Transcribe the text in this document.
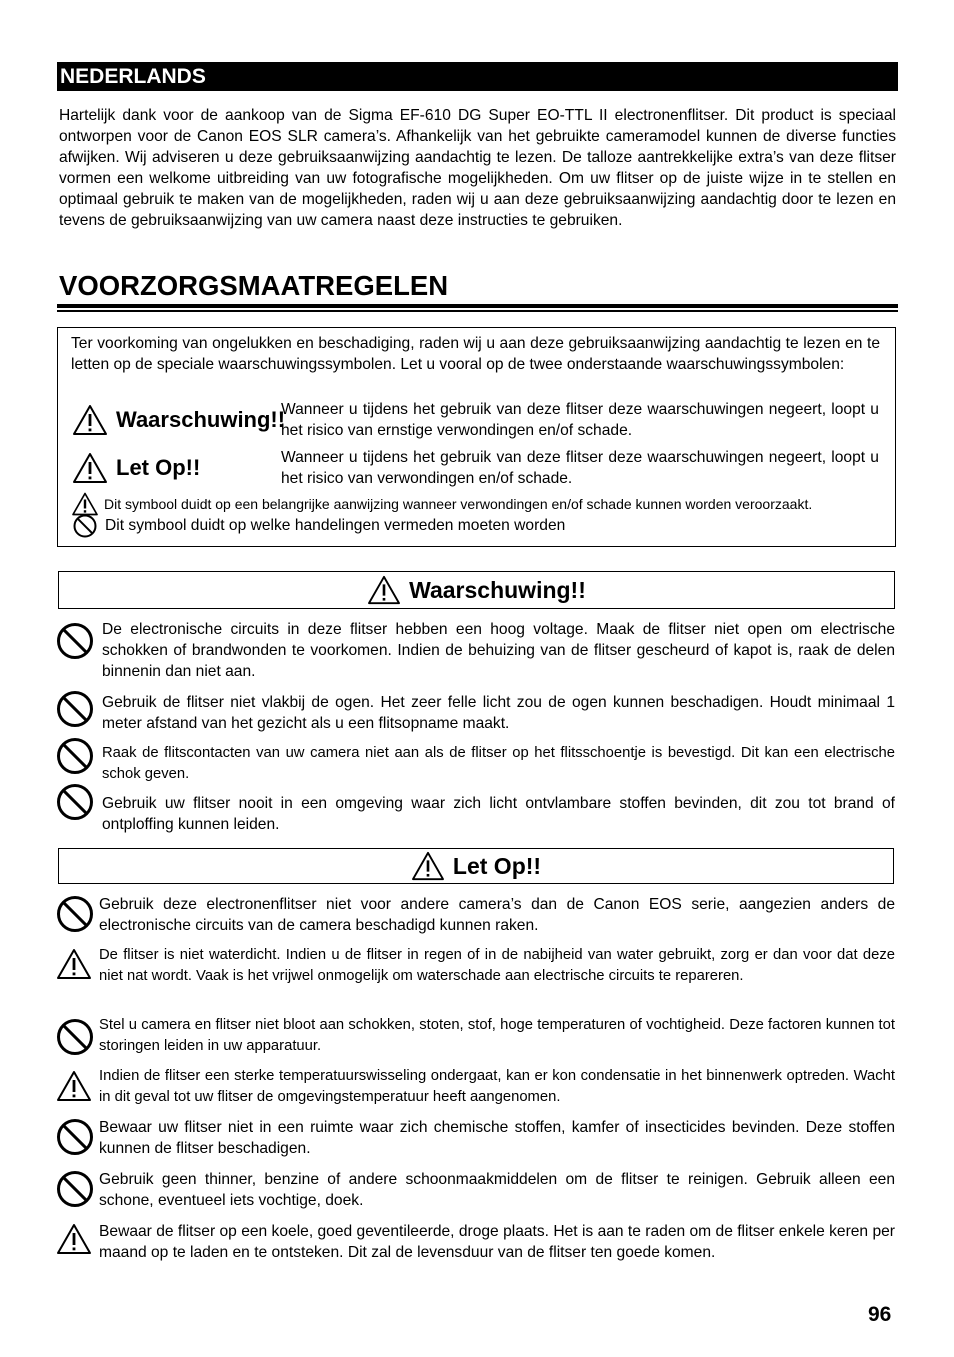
NEDERLANDS
Hartelijk dank voor de aankoop van de Sigma EF-610 DG Super EO-TTL II electronenflitser. Dit product is speciaal ontworpen voor de Canon EOS SLR camera’s. Afhankelijk van het gebruikte cameramodel kunnen de diverse functies afwijken. Wij adviseren u deze gebruiksaanwijzing aandachtig te lezen. De talloze aantrekkelijke extra’s van deze flitser vormen een welkome uitbreiding van uw fotografische mogelijkheden. Om uw flitser op de juiste wijze in te stellen en optimaal gebruik te maken van de mogelijkheden, raden wij u aan deze gebruiksaanwijzing aandachtig door te lezen en tevens de gebruiksaanwijzing van uw camera naast deze instructies te gebruiken.
VOORZORGSMAATREGELEN
Ter voorkoming van ongelukken en beschadiging, raden wij u aan deze gebruiksaanwijzing aandachtig te lezen en te letten op de speciale waarschuwingssymbolen. Let u vooral op de twee onderstaande waarschuwingssymbolen:
Waarschuwing!!
Wanneer u tijdens het gebruik van deze flitser deze waarschuwingen negeert, loopt u het risico van ernstige verwondingen en/of schade.
Let Op!!	Wanneer u tijdens het gebruik van deze flitser deze waarschuwingen negeert, loopt u het risico van verwondingen en/of schade.
Dit symbool duidt op een belangrijke aanwijzing wanneer verwondingen en/of schade kunnen worden veroorzaakt.
Dit symbool duidt op welke handelingen vermeden moeten worden
Waarschuwing!!
De electronische circuits in deze flitser hebben een hoog voltage. Maak de flitser niet open om electrische schokken of brandwonden te voorkomen. Indien de behuizing van de flitser gescheurd of kapot is, raak de delen binnenin dan niet aan.
Gebruik de flitser niet vlakbij de ogen. Het zeer felle licht zou de ogen kunnen beschadigen. Houdt minimaal 1 meter afstand van het gezicht als u een flitsopname maakt.
Raak de flitscontacten van uw camera niet aan als de flitser op het flitsschoentje is bevestigd. Dit kan een electrische schok geven.
Gebruik uw flitser nooit in een omgeving waar zich licht ontvlambare stoffen bevinden, dit zou tot brand of ontploffing kunnen leiden.
Let Op!!
Gebruik deze electronenflitser niet voor andere camera’s dan de Canon EOS serie, aangezien anders de electronische circuits van de camera beschadigd kunnen raken.
De flitser is niet waterdicht. Indien u de flitser in regen of in de nabijheid van water gebruikt, zorg er dan voor dat deze niet nat wordt. Vaak is het vrijwel onmogelijk om waterschade aan electrische circuits te repareren.
Stel u camera en flitser niet bloot aan schokken, stoten, stof, hoge temperaturen of vochtigheid. Deze factoren kunnen tot storingen leiden in uw apparatuur.
Indien de flitser een sterke temperatuurswisseling ondergaat, kan er kon condensatie in het binnenwerk optreden. Wacht in dit geval tot uw flitser de omgevingstemperatuur heeft aangenomen.
Bewaar uw flitser niet in een ruimte waar zich chemische stoffen, kamfer of insecticides bevinden. Deze stoffen kunnen de flitser beschadigen.
Gebruik geen thinner, benzine of andere schoonmaakmiddelen om de flitser te reinigen. Gebruik alleen een schone, eventueel iets vochtige, doek.
Bewaar de flitser op een koele, goed geventileerde, droge plaats. Het is aan te raden om de flitser enkele keren per maand op te laden en te ontsteken. Dit zal de levensduur van de flitser ten goede komen.
96
